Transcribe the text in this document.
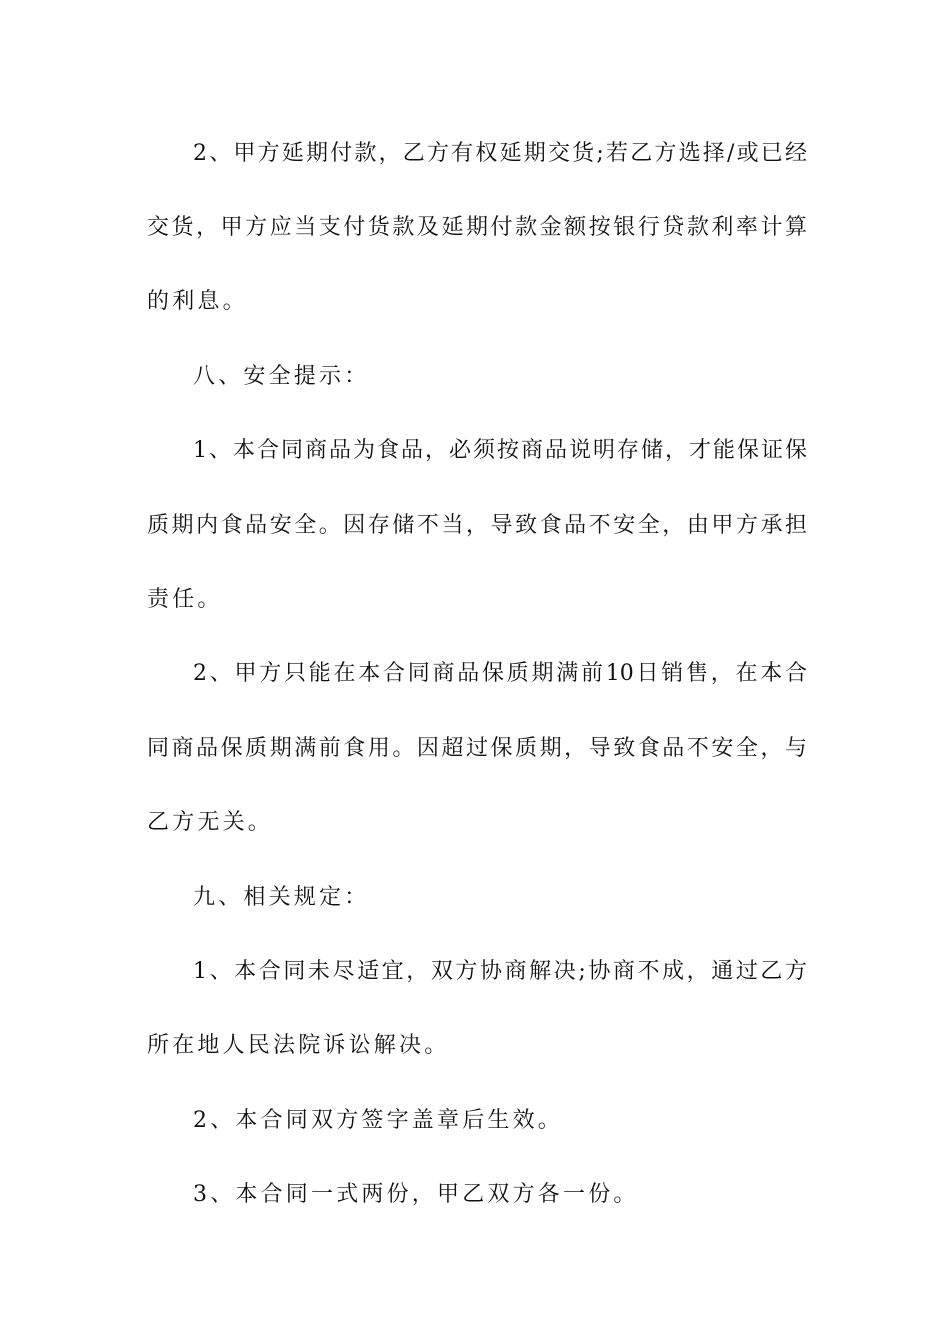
2、甲方延期付款，乙方有权延期交货;若乙方选择/或已经
交货，甲方应当支付货款及延期付款金额按银行贷款利率计算
的利息。
八、安全提示：
1、本合同商品为食品，必须按商品说明存储，才能保证保
质期内食品安全。因存储不当，导致食品不安全，由甲方承担
责任。
2、甲方只能在本合同商品保质期满前10日销售，在本合
同商品保质期满前食用。因超过保质期，导致食品不安全，与
乙方无关。
九、相关规定：
1、本合同未尽适宜，双方协商解决;协商不成，通过乙方
所在地人民法院诉讼解决。
2、本合同双方签字盖章后生效。
3、本合同一式两份，甲乙双方各一份。
